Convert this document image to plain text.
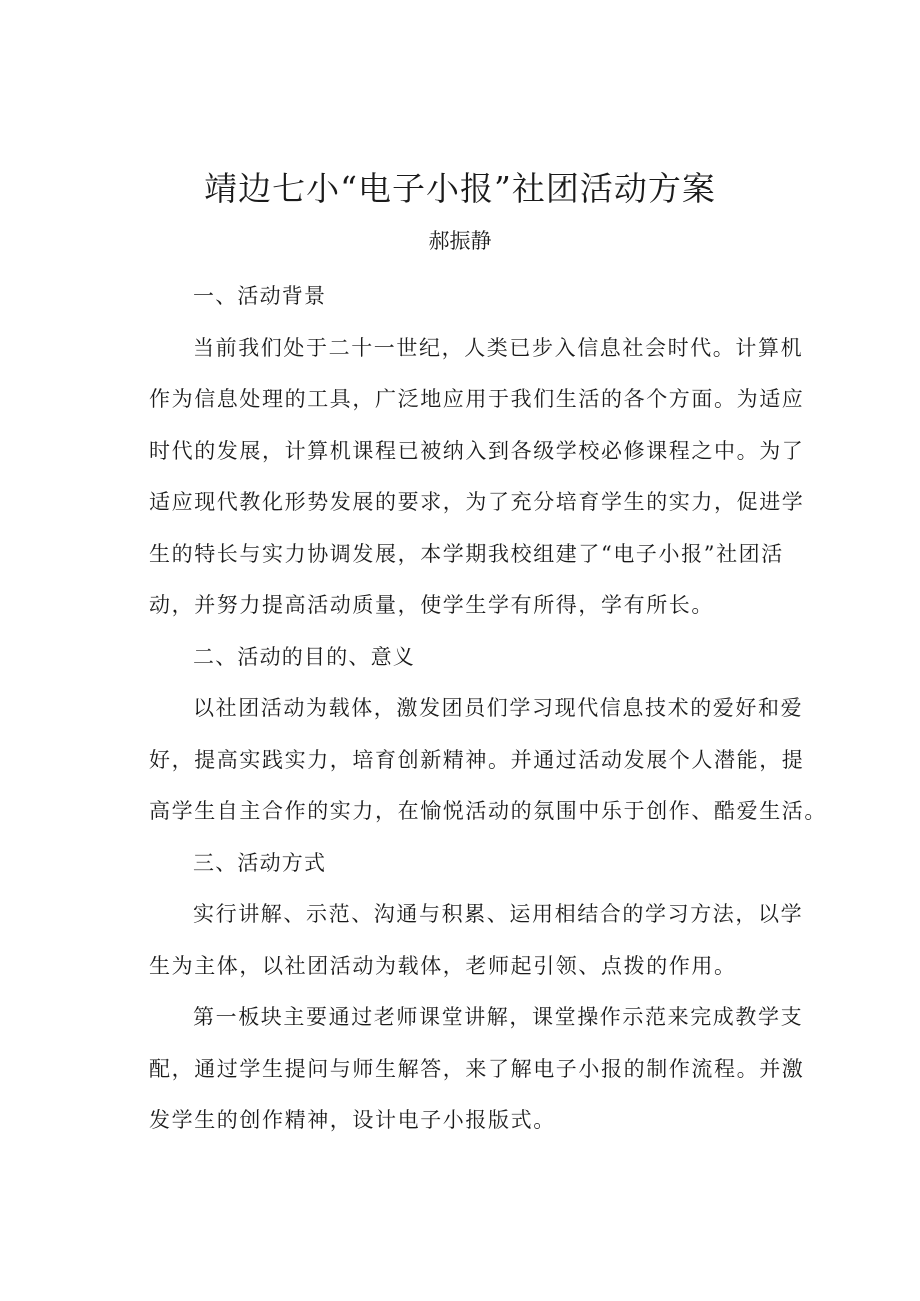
靖边七小“电子小报”社团活动方案
郝振静
一、活动背景
当前我们处于二十一世纪，人类已步入信息社会时代。计算机
作为信息处理的工具，广泛地应用于我们生活的各个方面。为适应
时代的发展，计算机课程已被纳入到各级学校必修课程之中。为了
适应现代教化形势发展的要求，为了充分培育学生的实力，促进学
生的特长与实力协调发展，本学期我校组建了“电子小报”社团活
动，并努力提高活动质量，使学生学有所得，学有所长。
二、活动的目的、意义
以社团活动为载体，激发团员们学习现代信息技术的爱好和爱
好，提高实践实力，培育创新精神。并通过活动发展个人潜能，提
高学生自主合作的实力，在愉悦活动的氛围中乐于创作、酷爱生活。
三、活动方式
实行讲解、示范、沟通与积累、运用相结合的学习方法，以学
生为主体，以社团活动为载体，老师起引领、点拨的作用。
第一板块主要通过老师课堂讲解，课堂操作示范来完成教学支
配，通过学生提问与师生解答，来了解电子小报的制作流程。并激
发学生的创作精神，设计电子小报版式。
